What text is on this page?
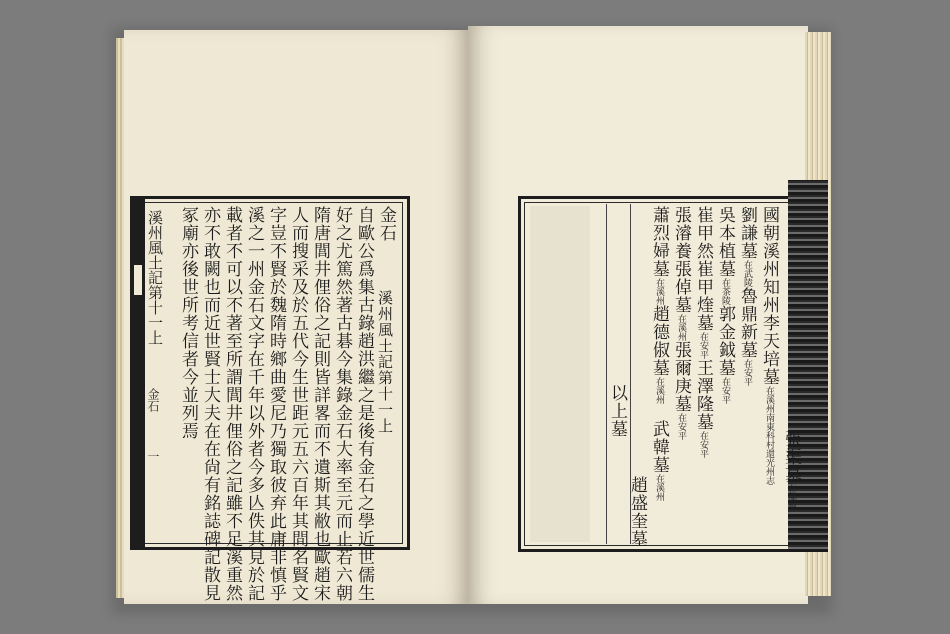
溪州風土記第十一上
金石
一
金石
自歐公爲集古錄趙洪繼之是後有金石之學近世儒生
好之尤篤然著古碁今集錄金石大率至元而止若六朝
隋唐閭井俚俗之記則皆詳畧而不遺斯其敝也歐趙宋
人而搜采及於五代今生世距元五六百年其間名賢文
字豈不賢於魏隋時鄉曲愛尼乃獨取彼弃此庸非慎乎
溪之一州金石文字在千年以外者今多亾佚其見於記
載者不可以不著至所謂閭井俚俗之記雖不足溪重然
亦不敢闕也而近世賢士大夫在在尙有銘誌碑記散見
冢廟亦後世所考信者今並列焉	溪州風土記第十一上	國朝溪州知州李天培墓在溪州南東科村還光州志
劉謙墓在武陵魯鼎新墓在安平
吳本植墓在茶陵郭金鉞墓在安平
崔甲然崔甲煃墓在安平王澤隆墓在安平
張濬養張倬墓在溪州張爾庚墓在安平
蕭烈婦墓在溪州趙德俶墓在溪州
武韓墓在溪州
趙盛奎墓
張渠墓在溪州
以上墓
